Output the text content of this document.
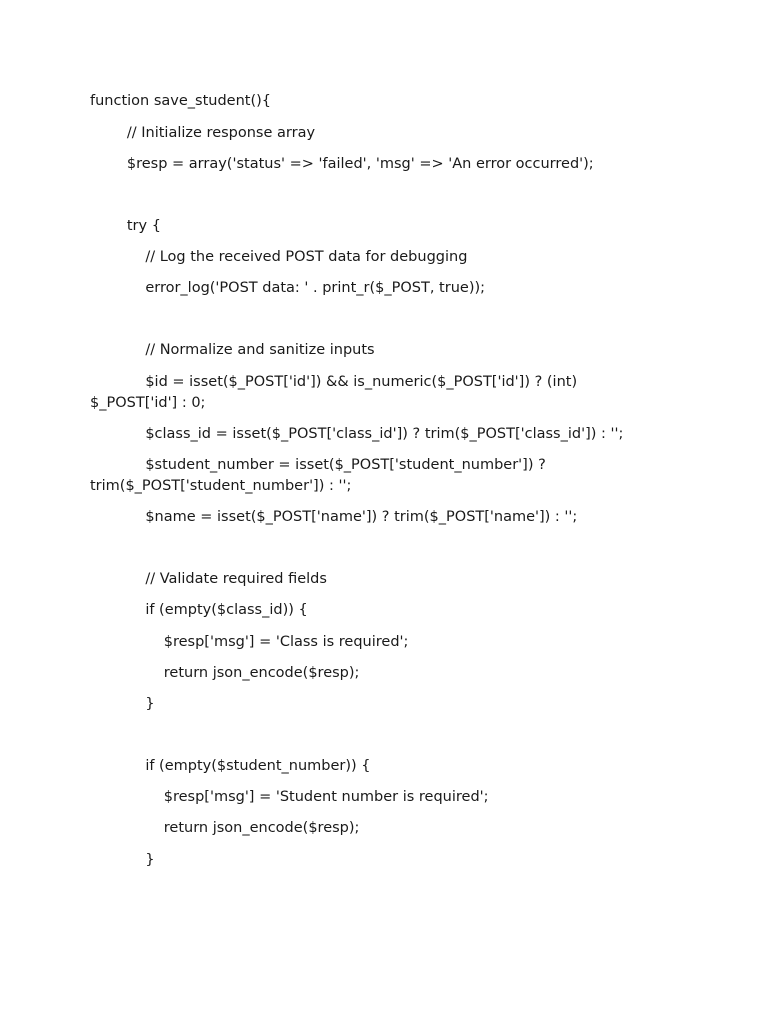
function save_student(){
// Initialize response array
$resp = array('status' => 'failed', 'msg' => 'An error occurred');
try {
// Log the received POST data for debugging
error_log('POST data: ' . print_r($_POST, true));
// Normalize and sanitize inputs
$id = isset($_POST['id']) && is_numeric($_POST['id']) ? (int)
$_POST['id'] : 0;
$class_id = isset($_POST['class_id']) ? trim($_POST['class_id']) : '';
$student_number = isset($_POST['student_number']) ?
trim($_POST['student_number']) : '';
$name = isset($_POST['name']) ? trim($_POST['name']) : '';
// Validate required fields
if (empty($class_id)) {
$resp['msg'] = 'Class is required';
return json_encode($resp);
}
if (empty($student_number)) {
$resp['msg'] = 'Student number is required';
return json_encode($resp);
}
